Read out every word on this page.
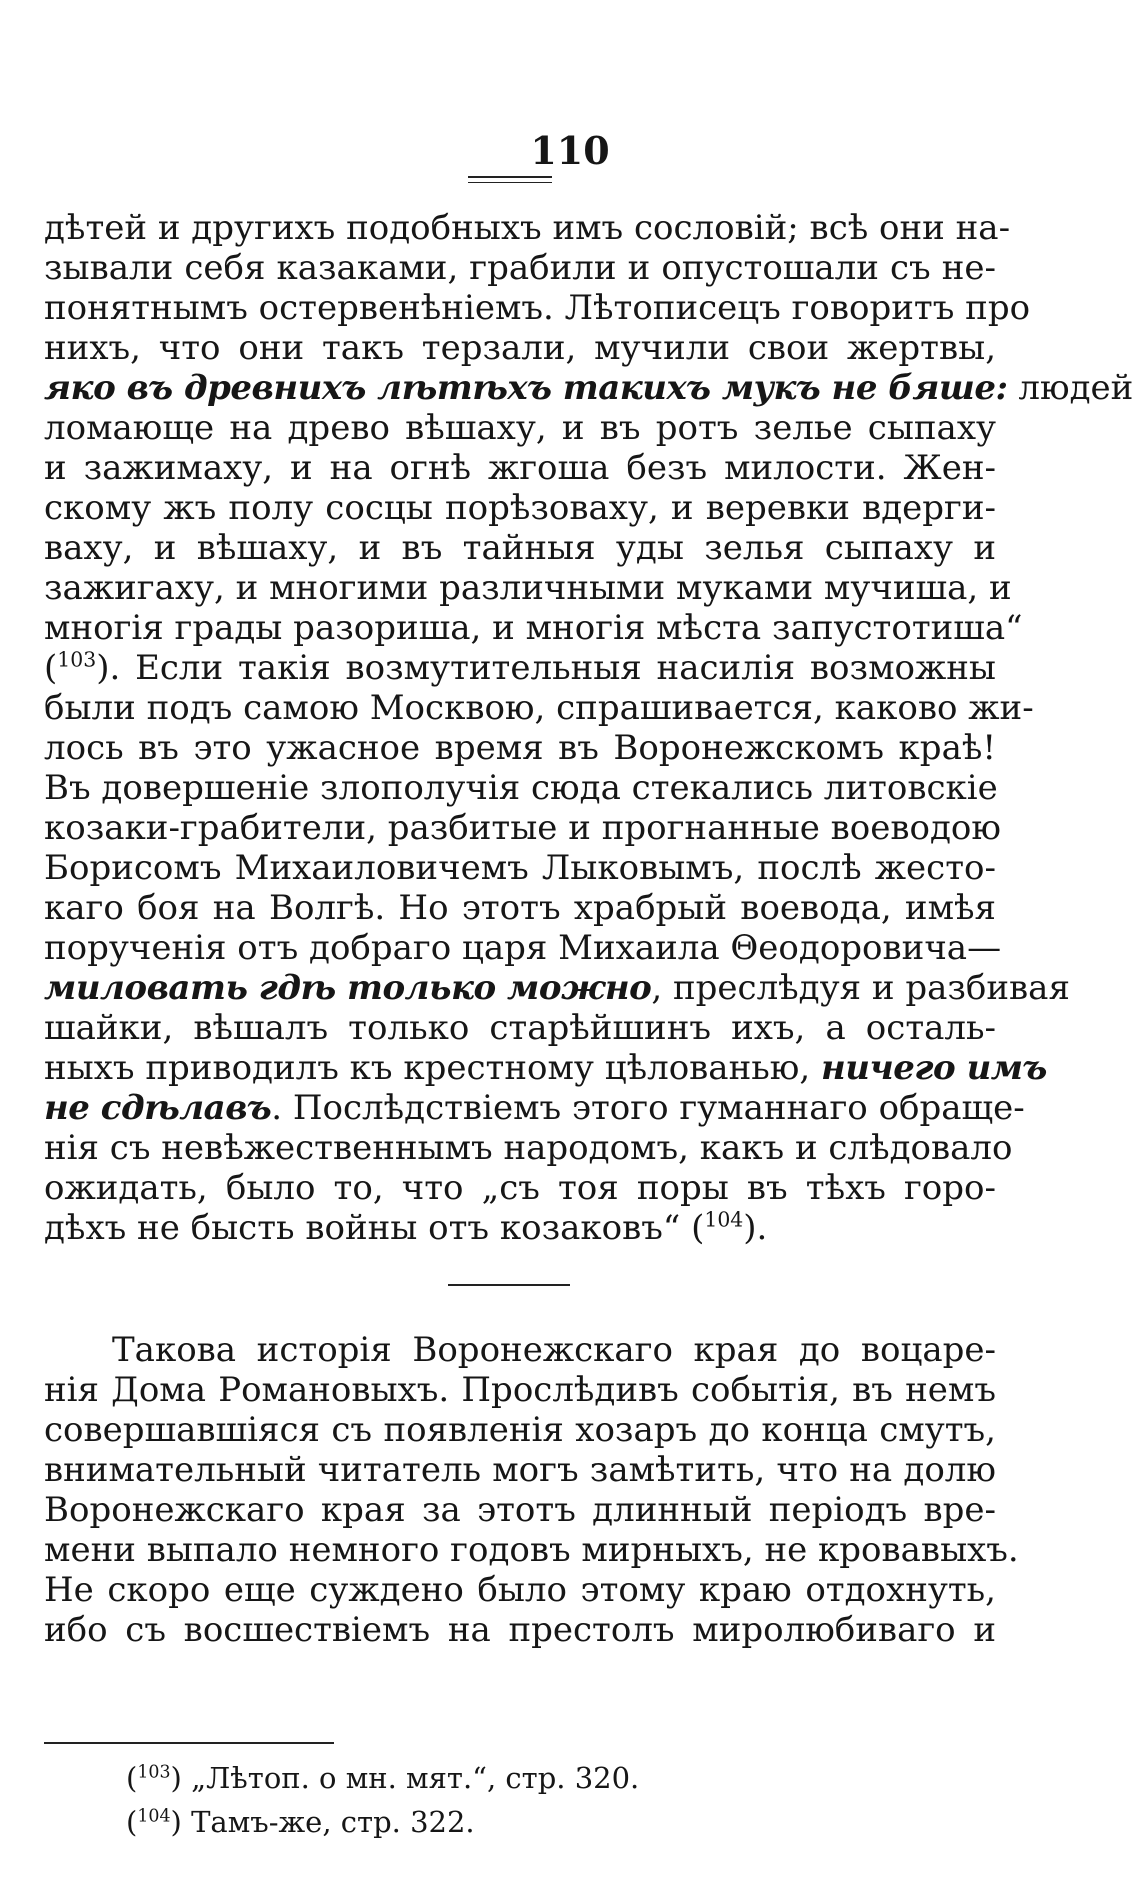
110
дѣтей и другихъ подобныхъ имъ сословій; всѣ они на-
зывали себя казаками, грабили и опустошали съ не-
понятнымъ остервенѣніемъ. Лѣтописецъ говоритъ про
нихъ, что они такъ терзали, мучили свои жертвы,
яко въ древнихъ лѣтѣхъ такихъ мукъ не бяше: людей
ломающе на древо вѣшаху, и въ ротъ зелье сыпаху
и зажимаху, и на огнѣ жгоша безъ милости. Жен-
скому жъ полу сосцы порѣзоваху, и веревки вдерги-
ваху, и вѣшаху, и въ тайныя уды зелья сыпаху и
зажигаху, и многими различными муками мучиша, и
многія грады разориша, и многія мѣста запустотиша“
($^{103}$). Если такія возмутительныя насилія возможны
были подъ самою Москвою, спрашивается, каково жи-
лось въ это ужасное время въ Воронежскомъ краѣ!
Въ довершеніе злополучія сюда стекались литовскіе
козаки-грабители, разбитые и прогнанные воеводою
Борисомъ Михаиловичемъ Лыковымъ, послѣ жесто-
каго боя на Волгѣ. Но этотъ храбрый воевода, имѣя
порученія отъ добраго царя Михаила Θеодоровича—
миловать гдѣ только можно, преслѣдуя и разбивая
шайки, вѣшалъ только старѣйшинъ ихъ, а осталь-
ныхъ приводилъ къ крестному цѣлованью, ничего имъ
не сдѣлавъ. Послѣдствіемъ этого гуманнаго обраще-
нія съ невѣжественнымъ народомъ, какъ и слѣдовало
ожидать, было то, что „съ тоя поры въ тѣхъ горо-
дѣхъ не бысть войны отъ козаковъ“ ($^{104}$).
Такова исторія Воронежскаго края до воцаре-
нія Дома Романовыхъ. Прослѣдивъ событія, въ немъ
совершавшіяся съ появленія хозаръ до конца смутъ,
внимательный читатель могъ замѣтить, что на долю
Воронежскаго края за этотъ длинный періодъ вре-
мени выпало немного годовъ мирныхъ, не кровавыхъ.
Не скоро еще суждено было этому краю отдохнуть,
ибо съ восшествіемъ на престолъ миролюбиваго и
($^{103}$) „Лѣтоп. о мн. мят.“, стр. 320.
($^{104}$) Тамъ-же, стр. 322.
